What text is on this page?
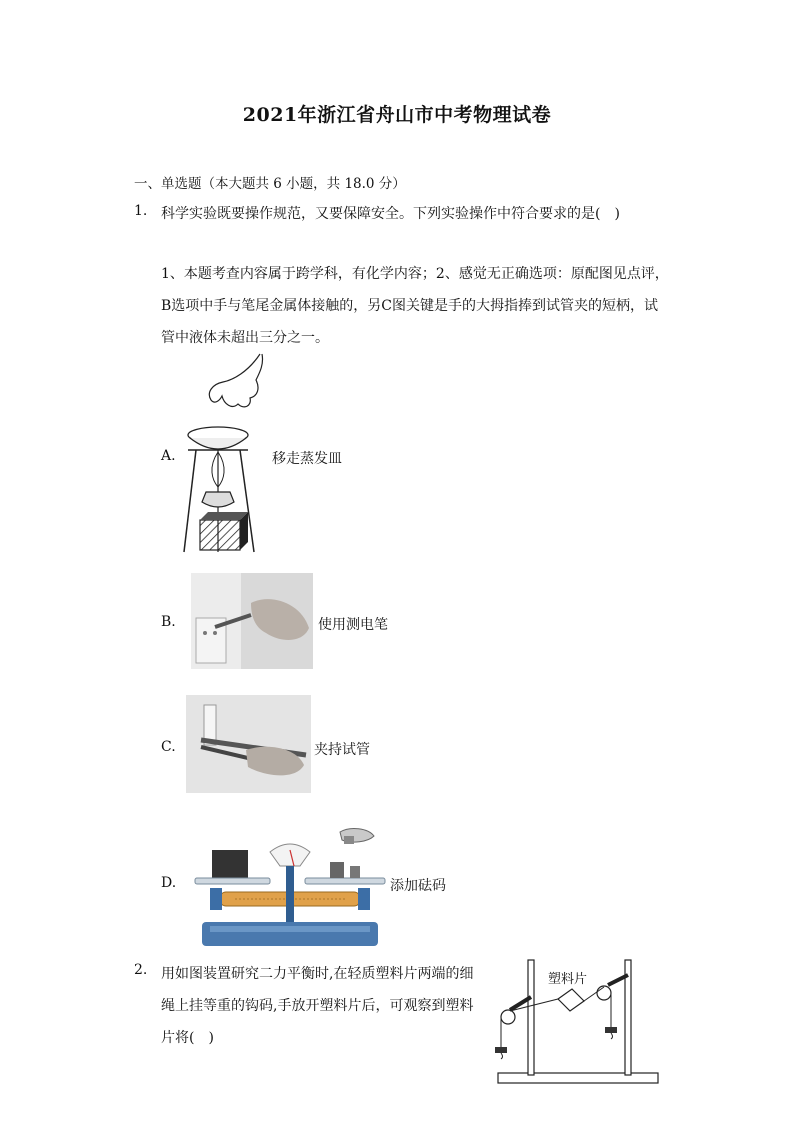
2021年浙江省舟山市中考物理试卷
一、单选题（本大题共 6 小题，共 18.0 分）
1. 科学实验既要操作规范，又要保障安全。下列实验操作中符合要求的是(　)
1、本题考查内容属于跨学科，有化学内容；2、感觉无正确选项：原配图见点评，
B选项中手与笔尾金属体接触的，另C图关键是手的大拇指捧到试管夹的短柄，试
管中液体未超出三分之一。
A.	移走蒸发皿
B.	使用测电笔
C.	夹持试管
D.	添加砝码
2. 用如图装置研究二力平衡时,在轻质塑料片两端的细
绳上挂等重的钩码,手放开塑料片后，可观察到塑料
片将(　)
塑料片
